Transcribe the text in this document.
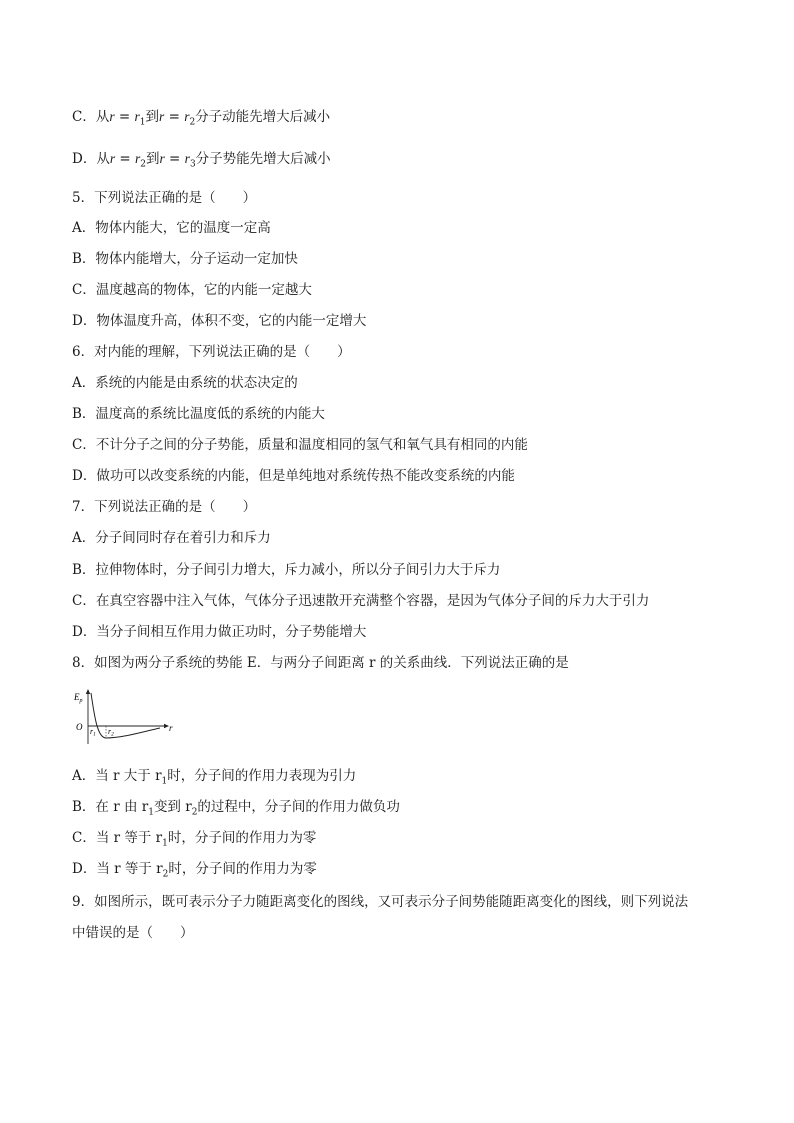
C．从$r = r_1$到$r = r_2$分子动能先增大后减小
D．从$r = r_2$到$r = r_3$分子势能先增大后减小
5．下列说法正确的是（　　）
A．物体内能大，它的温度一定高
B．物体内能增大，分子运动一定加快
C．温度越高的物体，它的内能一定越大
D．物体温度升高，体积不变，它的内能一定增大
6．对内能的理解，下列说法正确的是（　　）
A．系统的内能是由系统的状态决定的
B．温度高的系统比温度低的系统的内能大
C．不计分子之间的分子势能，质量和温度相同的氢气和氧气具有相同的内能
D．做功可以改变系统的内能，但是单纯地对系统传热不能改变系统的内能
7．下列说法正确的是（　　）
A．分子间同时存在着引力和斥力
B．拉伸物体时，分子间引力增大，斥力减小，所以分子间引力大于斥力
C．在真空容器中注入气体，气体分子迅速散开充满整个容器，是因为气体分子间的斥力大于引力
D．当分子间相互作用力做正功时，分子势能增大
8．如图为两分子系统的势能 E．与两分子间距离 r 的关系曲线．下列说法正确的是
$E_p$
O	r
r1 r2
A．当 r 大于 $r_1$时，分子间的作用力表现为引力
B．在 r 由 $r_1$变到 $r_2$的过程中，分子间的作用力做负功
C．当 r 等于 $r_1$时，分子间的作用力为零
D．当 r 等于 $r_2$时，分子间的作用力为零
9．如图所示，既可表示分子力随距离变化的图线，又可表示分子间势能随距离变化的图线，则下列说法
中错误的是（　　）
